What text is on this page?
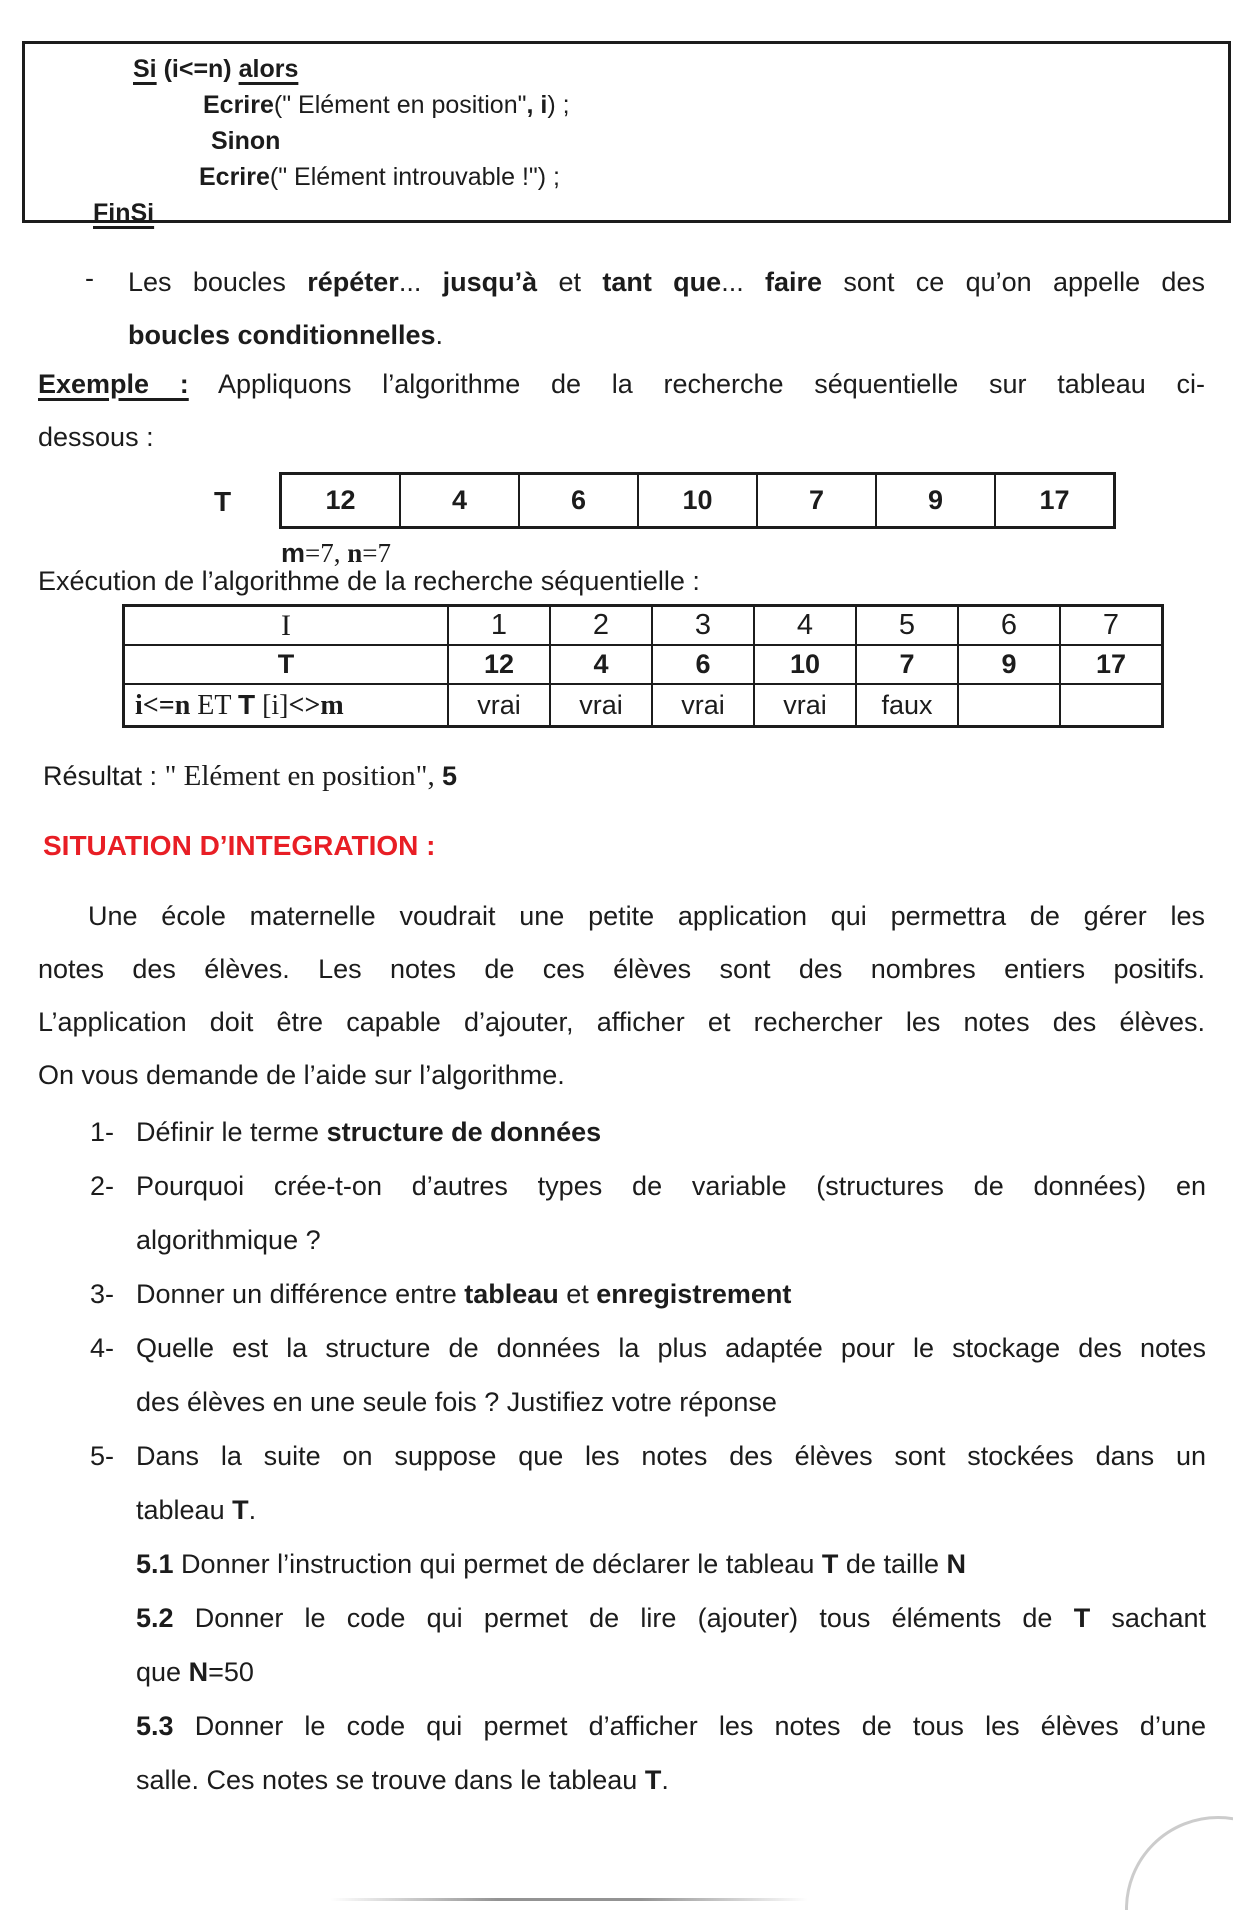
Si (i<=n) alors
Ecrire(" Elément en position", i) ;
Sinon
Ecrire(" Elément introuvable !") ;
FinSi
- Les boucles répéter... jusqu’à et tant que... faire sont ce qu’on appelle des
boucles conditionnelles.
Exemple : Appliquons l’algorithme de la recherche séquentielle sur tableau ci-
dessous :
T	12	4	6	10	7	9	17
m=7, n=7
Exécution de l’algorithme de la recherche séquentielle :
I	1	2	3	4	5	6	7
T	12	4	6	10	7	9	17
i<=n ET T [i]<>m	vrai	vrai	vrai	vrai	faux		
Résultat : " Elément en position", 5
SITUATION D’INTEGRATION :
Une école maternelle voudrait une petite application qui permettra de gérer les
notes des élèves. Les notes de ces élèves sont des nombres entiers positifs.
L’application doit être capable d’ajouter, afficher et rechercher les notes des élèves.
On vous demande de l’aide sur l’algorithme.
1- Définir le terme structure de données
2- Pourquoi crée-t-on d’autres types de variable (structures de données) en
algorithmique ?
3- Donner un différence entre tableau et enregistrement
4- Quelle est la structure de données la plus adaptée pour le stockage des notes
des élèves en une seule fois ? Justifiez votre réponse
5- Dans la suite on suppose que les notes des élèves sont stockées dans un
tableau T.
5.1 Donner l’instruction qui permet de déclarer le tableau T de taille N
5.2 Donner le code qui permet de lire (ajouter) tous éléments de T sachant
que N=50
5.3 Donner le code qui permet d’afficher les notes de tous les élèves d’une
salle. Ces notes se trouve dans le tableau T.
